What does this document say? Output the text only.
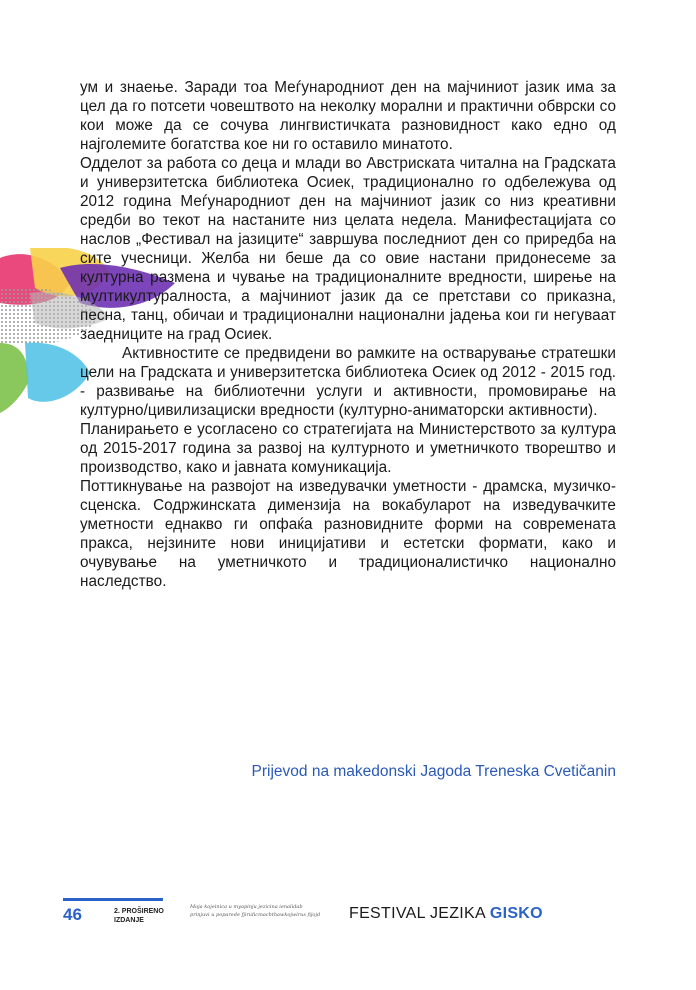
ум и знаење. Заради тоа Меѓународниот ден на мајчиниот јазик има за цел да го потсети човештвото на неколку морални и практични обврски со кои може да се сочува лингвистичката разновидност како едно од најголемите богатства кое ни го оставило минатото.

Одделот за работа со деца и млади во Австриската читална на Градската и универзитетска библиотека Осиек, традиционално го одбележува од 2012 година Меѓународниот ден на мајчиниот јазик со низ креативни средби во текот на настаните низ целата недела. Манифестацијата со наслов „Фестивал на јазиците“ завршува последниот ден со приредба на сите учесници. Желба ни беше да со овие настани придонесеме за културна размена и чување на традиционалните вредности, ширење на мултикултуралноста, а мајчиниот јазик да се претстави со приказна, песна, танц, обичаи и традиционални национални јадења кои ги негуваат заедниците на град Осиек.

Активностите се предвидени во рамките на остварување стратешки цели на Градската и универзитетска библиотека Осиек од 2012 - 2015 год. - развивање на библиотечни услуги и активности, промовирање на културно/цивилизациски вредности (културно-аниматорски активности).

Планирањето е усогласено со стратегијата на Министерството за култура од 2015-2017 година за развој на културното и уметничкото творештво и производство, како и јавната комуникација.

Поттикнување на развојот на изведувачки уметности - драмска, музичко-сценска. Содржинската димензија на вокабуларот на изведувачките уметности еднакво ги опфаќа разновидните форми на современата пракса, нејзините нови иницијативи и естетски формати, како и очувување на уметничкото и традиционалистичко национално наследство.

Prijevod na makedonski Jagoda Treneska Cvetičanin
46	2. PROŠIRENO
IZDANJE
Moja kojeinica u myapinju jezicina ienalidab
prinjuvi u poparede fjiridicmachthawkojwirus fijojd	FESTIVAL JEZIKA GISKO
